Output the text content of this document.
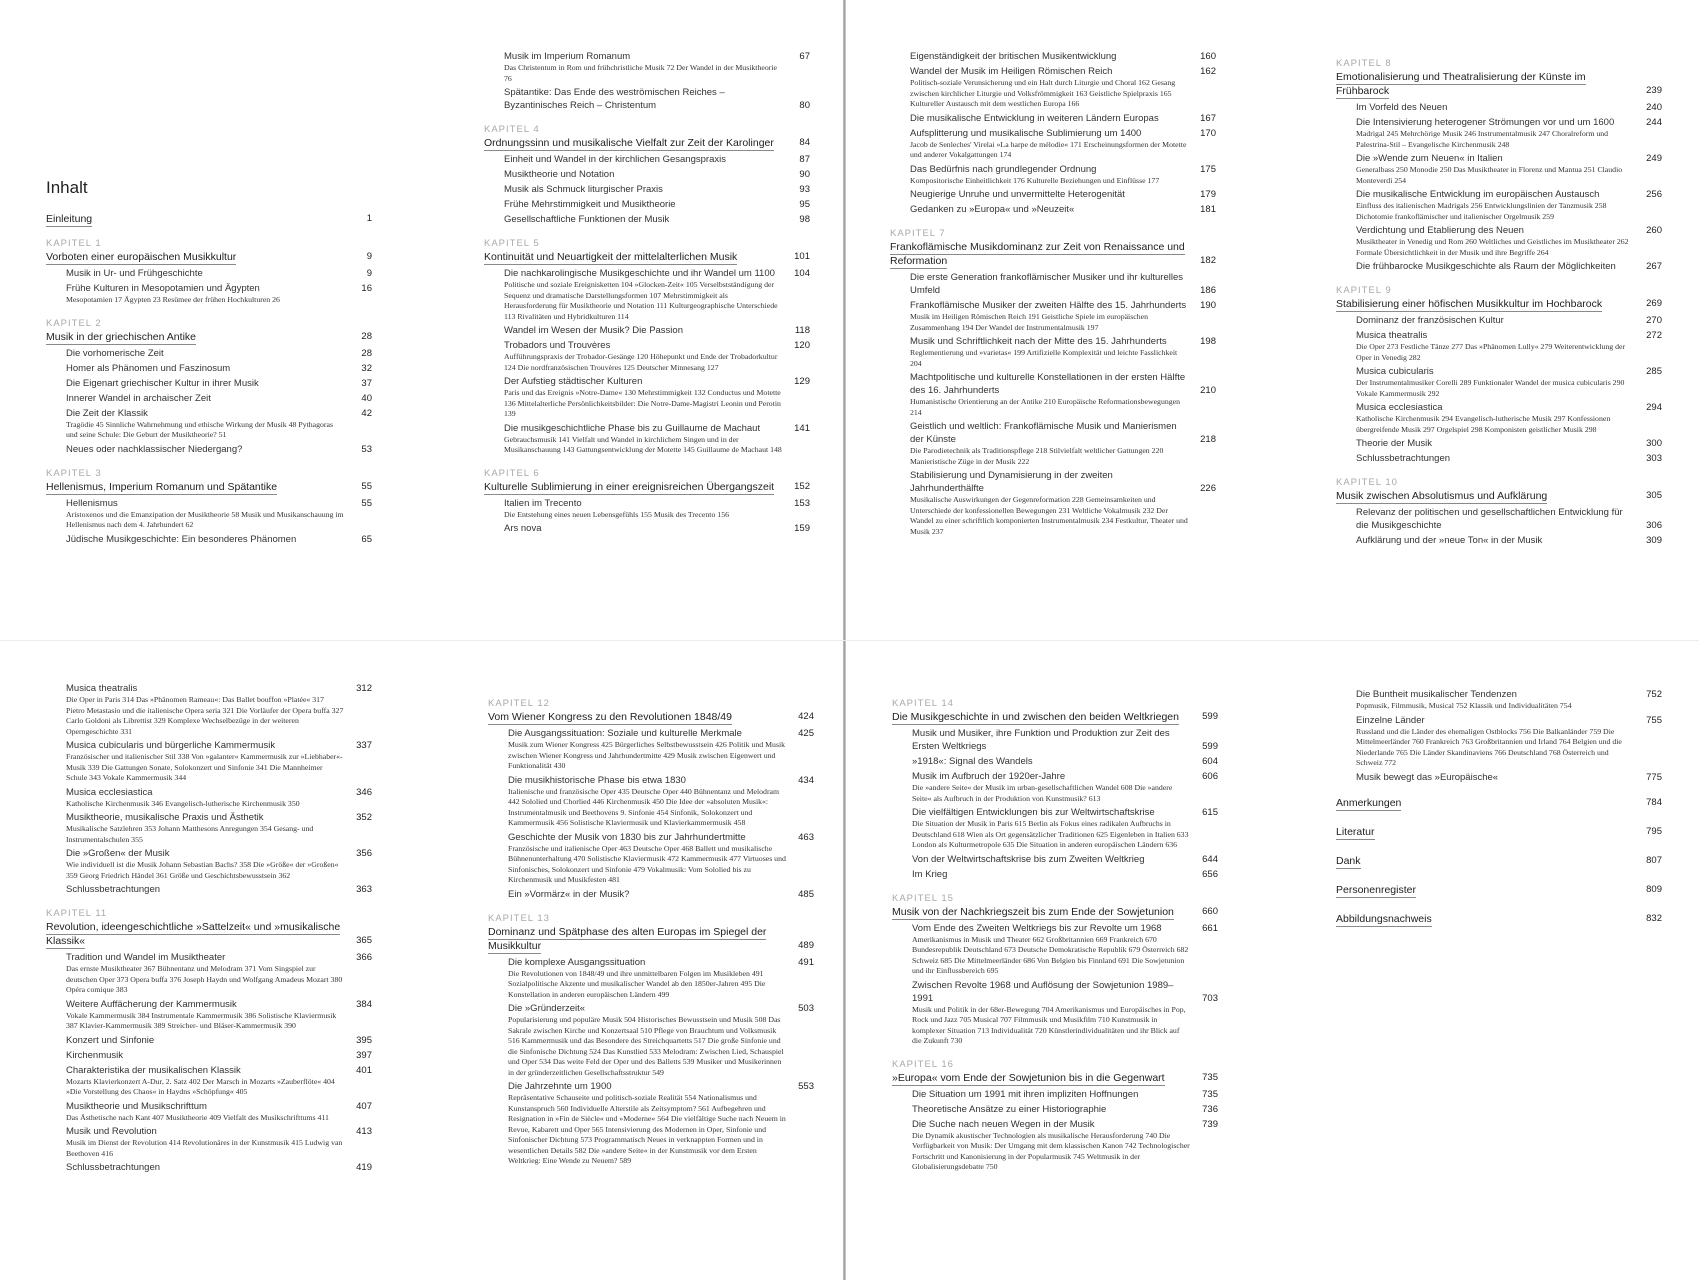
Inhalt
Einleitung	1
KAPITEL 1
Vorboten einer europäischen Musikkultur	9
Musik in Ur- und Frühgeschichte	9
Frühe Kulturen in Mesopotamien und Ägypten	16
Mesopotamien 17 Ägypten 23 Resümee der frühen Hochkulturen 26
KAPITEL 2
Musik in der griechischen Antike	28
Die vorhomerische Zeit	28
Homer als Phänomen und Faszinosum	32
Die Eigenart griechischer Kultur in ihrer Musik	37
Innerer Wandel in archaischer Zeit	40
Die Zeit der Klassik	42
Tragödie 45 Sinnliche Wahrnehmung und ethische Wirkung der Musik 48 Pythagoras und seine Schule: Die Geburt der Musiktheorie? 51
Neues oder nachklassischer Niedergang?	53
KAPITEL 3
Hellenismus, Imperium Romanum und Spätantike	55
Hellenismus	55
Aristoxenos und die Emanzipation der Musiktheorie 58 Musik und Musikanschauung im Hellenismus nach dem 4. Jahrhundert 62
Jüdische Musikgeschichte: Ein besonderes Phänomen	65
Musik im Imperium Romanum	67
Das Christentum in Rom und frühchristliche Musik 72 Der Wandel in der Musiktheorie 76
Spätantike: Das Ende des weströmischen Reiches – Byzantinisches Reich – Christentum	80
KAPITEL 4
Ordnungssinn und musikalische Vielfalt zur Zeit der Karolinger	84
Einheit und Wandel in der kirchlichen Gesangspraxis	87
Musiktheorie und Notation	90
Musik als Schmuck liturgischer Praxis	93
Frühe Mehrstimmigkeit und Musiktheorie	95
Gesellschaftliche Funktionen der Musik	98
KAPITEL 5
Kontinuität und Neuartigkeit der mittelalterlichen Musik	101
Die nachkarolingische Musikgeschichte und ihr Wandel um 1100 104
Politische und soziale Ereignisketten 104 »Glocken-Zeit« 105 Verselbstständigung der Sequenz und dramatische Darstellungsformen 107 Mehrstimmigkeit als Herausforderung für Musiktheorie und Notation 111 Kulturgeographische Unterschiede 113 Rivalitäten und Hybridkulturen 114
Wandel im Wesen der Musik? Die Passion	118
Trobadors und Trouvères	120
Aufführungspraxis der Trobador-Gesänge 120 Höhepunkt und Ende der Trobadorkultur 124 Die nordfranzösischen Trouvères 125 Deutscher Minnesang 127
Der Aufstieg städtischer Kulturen	129
Paris und das Ereignis »Notre-Dame« 130 Mehrstimmigkeit 132 Conductus und Motette 136 Mittelalterliche Persönlichkeitsbilder: Die Notre-Dame-Magistri Leonin und Perotin 139
Die musikgeschichtliche Phase bis zu Guillaume de Machaut	141
Gebrauchsmusik 141 Vielfalt und Wandel in kirchlichem Singen und in der Musikanschauung 143 Gattungsentwicklung der Motette 145 Guillaume de Machaut 148
KAPITEL 6
Kulturelle Sublimierung in einer ereignisreichen Übergangszeit 152
Italien im Trecento	153
Die Entstehung eines neuen Lebensgefühls 155 Musik des Trecento 156
Ars nova	159
Eigenständigkeit der britischen Musikentwicklung	160
Wandel der Musik im Heiligen Römischen Reich	162
Politisch-soziale Verunsicherung und ein Halt durch Liturgie und Choral 162 Gesang zwischen kirchlicher Liturgie und Volksfrömmigkeit 163 Geistliche Spielpraxis 165 Kultureller Austausch mit dem westlichen Europa 166
Die musikalische Entwicklung in weiteren Ländern Europas	167
Aufsplitterung und musikalische Sublimierung um 1400	170
Jacob de Senleches' Virelai »La harpe de mélodie« 171 Erscheinungsformen der Motette und anderer Vokalgattungen 174
Das Bedürfnis nach grundlegender Ordnung	175
Kompositorische Einheitlichkeit 176 Kulturelle Beziehungen und Einflüsse 177
Neugierige Unruhe und unvermittelte Heterogenität	179
Gedanken zu »Europa« und »Neuzeit«	181
KAPITEL 7
Frankoflämische Musikdominanz zur Zeit von Renaissance und Reformation	182
Die erste Generation frankoflämischer Musiker und ihr kulturelles Umfeld	186
Frankoflämische Musiker der zweiten Hälfte des 15. Jahrhunderts 190
Musik im Heiligen Römischen Reich 191 Geistliche Spiele im europäischen Zusammenhang 194 Der Wandel der Instrumentalmusik 197
Musik und Schriftlichkeit nach der Mitte des 15. Jahrhunderts	198
Reglementierung und »varietas« 199 Artifizielle Komplexität und leichte Fasslichkeit 204
Machtpolitische und kulturelle Konstellationen in der ersten Hälfte des 16. Jahrhunderts	210
Humanistische Orientierung an der Antike 210 Europäische Reformationsbewegungen 214
Geistlich und weltlich: Frankoflämische Musik und Manierismen der Künste	218
Die Parodietechnik als Traditionspflege 218 Stilvielfalt weltlicher Gattungen 220 Manieristische Züge in der Musik 222
Stabilisierung und Dynamisierung in der zweiten Jahrhunderthälfte	226
Musikalische Auswirkungen der Gegenreformation 228 Gemeinsamkeiten und Unterschiede der konfessionellen Bewegungen 231 Weltliche Vokalmusik 232 Der Wandel zu einer schriftlich komponierten Instrumentalmusik 234 Festkultur, Theater und Musik 237
KAPITEL 8
Emotionalisierung und Theatralisierung der Künste im Frühbarock	239
Im Vorfeld des Neuen	240
Die Intensivierung heterogener Strömungen vor und um 1600	244
Madrigal 245 Mehrchörige Musik 246 Instrumentalmusik 247 Choralreform und Palestrina-Stil – Evangelische Kirchenmusik 248
Die »Wende zum Neuen« in Italien	249
Generalbass 250 Monodie 250 Das Musiktheater in Florenz und Mantua 251 Claudio Monteverdi 254
Die musikalische Entwicklung im europäischen Austausch	256
Einfluss des italienischen Madrigals 256 Entwicklungslinien der Tanzmusik 258 Dichotomie frankoflämischer und italienischer Orgelmusik 259
Verdichtung und Etablierung des Neuen	260
Musiktheater in Venedig und Rom 260 Weltliches und Geistliches im Musiktheater 262 Formale Übersichtlichkeit in der Musik und ihre Begriffe 264
Die frühbarocke Musikgeschichte als Raum der Möglichkeiten	267
KAPITEL 9
Stabilisierung einer höfischen Musikkultur im Hochbarock	269
Dominanz der französischen Kultur	270
Musica theatralis	272
Die Oper 273 Festliche Tänze 277 Das »Phänomen Lully« 279 Weiterentwicklung der Oper in Venedig 282
Musica cubicularis	285
Der Instrumentalmusiker Corelli 289 Funktionaler Wandel der musica cubicularis 290 Vokale Kammermusik 292
Musica ecclesiastica	294
Katholische Kirchenmusik 294 Evangelisch-lutherische Musik 297 Konfessionen übergreifende Musik 297 Orgelspiel 298 Komponisten geistlicher Musik 298
Theorie der Musik	300
Schlussbetrachtungen	303
KAPITEL 10
Musik zwischen Absolutismus und Aufklärung	305
Relevanz der politischen und gesellschaftlichen Entwicklung für die Musikgeschichte	306
Aufklärung und der »neue Ton« in der Musik	309
Musica theatralis	312
Die Oper in Paris 314 Das »Phänomen Rameau«: Das Ballet bouffon »Platée« 317 Pietro Metastasio und die italienische Opera seria 321 Die Vorläufer der Opera buffa 327 Carlo Goldoni als Librettist 329 Komplexe Wechselbezüge in der weiteren Operngeschichte 331
Musica cubicularis und bürgerliche Kammermusik	337
Französischer und italienischer Stil 338 Von »galanter« Kammermusik zur »Liebhaber«-Musik 339 Die Gattungen Sonate, Solokonzert und Sinfonie 341 Die Mannheimer Schule 343 Vokale Kammermusik 344
Musica ecclesiastica	346
Katholische Kirchenmusik 346 Evangelisch-lutherische Kirchenmusik 350
Musiktheorie, musikalische Praxis und Ästhetik	352
Musikalische Satzlehren 353 Johann Matthesons Anregungen 354 Gesang- und Instrumentalschulen 355
Die »Großen« der Musik	356
Wie individuell ist die Musik Johann Sebastian Bachs? 358 Die »Größe« der »Großen« 359 Georg Friedrich Händel 361 Größe und Geschichtsbewusstsein 362
Schlussbetrachtungen	363
KAPITEL 11
Revolution, ideengeschichtliche »Sattelzeit« und »musikalische Klassik«	365
Tradition und Wandel im Musiktheater	366
Das ernste Musiktheater 367 Bühnentanz und Melodram 371 Vom Singspiel zur deutschen Oper 373 Opera buffa 376 Joseph Haydn und Wolfgang Amadeus Mozart 380 Opéra comique 383
Weitere Auffächerung der Kammermusik	384
Vokale Kammermusik 384 Instrumentale Kammermusik 386 Solistische Klaviermusik 387 Klavier-Kammermusik 389 Streicher- und Bläser-Kammermusik 390
Konzert und Sinfonie	395
Kirchenmusik	397
Charakteristika der musikalischen Klassik	401
Mozarts Klavierkonzert A-Dur, 2. Satz 402 Der Marsch in Mozarts »Zauberflöte« 404 »Die Vorstellung des Chaos« in Haydns »Schöpfung« 405
Musiktheorie und Musikschrifttum	407
Das Ästhetische nach Kant 407 Musiktheorie 409 Vielfalt des Musikschrifttums 411
Musik und Revolution	413
Musik im Dienst der Revolution 414 Revolutionäres in der Kunstmusik 415 Ludwig van Beethoven 416
Schlussbetrachtungen	419
KAPITEL 12
Vom Wiener Kongress zu den Revolutionen 1848/49	424
Die Ausgangssituation: Soziale und kulturelle Merkmale	425
Musik zum Wiener Kongress 425 Bürgerliches Selbstbewusstsein 426 Politik und Musik zwischen Wiener Kongress und Jahrhundertmitte 429 Musik zwischen Eigenwert und Funktionalität 430
Die musikhistorische Phase bis etwa 1830	434
Italienische und französische Oper 435 Deutsche Oper 440 Bühnentanz und Melodram 442 Sololied und Chorlied 446 Kirchenmusik 450 Die Idee der »absoluten Musik«: Instrumentalmusik und Beethovens 9. Sinfonie 454 Sinfonik, Solokonzert und Kammermusik 456 Solistische Klaviermusik und Klavierkammermusik 458
Geschichte der Musik von 1830 bis zur Jahrhundertmitte	463
Französische und italienische Oper 463 Deutsche Oper 468 Ballett und musikalische Bühnenunterhaltung 470 Solistische Klaviermusik 472 Kammermusik 477 Virtuoses und Sinfonisches, Solokonzert und Sinfonie 479 Vokalmusik: Vom Sololied bis zu Kirchenmusik und Musikfesten 481
Ein »Vormärz« in der Musik?	485
KAPITEL 13
Dominanz und Spätphase des alten Europas im Spiegel der Musikkultur	489
Die komplexe Ausgangssituation	491
Die Revolutionen von 1848/49 und ihre unmittelbaren Folgen im Musikleben 491 Sozialpolitische Akzente und musikalischer Wandel ab den 1850er-Jahren 495 Die Konstellation in anderen europäischen Ländern 499
Die »Gründerzeit«	503
Popularisierung und populäre Musik 504 Historisches Bewusstsein und Musik 508 Das Sakrale zwischen Kirche und Konzertsaal 510 Pflege von Brauchtum und Volksmusik 516 Kammermusik und das Besondere des Streichquartetts 517 Die große Sinfonie und die Sinfonische Dichtung 524 Das Kunstlied 533 Melodram: Zwischen Lied, Schauspiel und Oper 534 Das weite Feld der Oper und des Balletts 539 Musiker und Musikerinnen in der gründerzeitlichen Gesellschaftsstruktur 549
Die Jahrzehnte um 1900	553
Repräsentative Schauseite und politisch-soziale Realität 554 Nationalismus und Kunstanspruch 560 Individuelle Alterstile als Zeitsymptom? 561 Aufbegehren und Resignation in »Fin de Siècle« und »Moderne« 564 Die vielfältige Suche nach Neuem in Revue, Kabarett und Oper 565 Intensivierung des Modernen in Oper, Sinfonie und Sinfonischer Dichtung 573 Programmatisch Neues in verknappten Formen und in wesentlichen Details 582 Die »andere Seite« in der Kunstmusik vor dem Ersten Weltkrieg: Eine Wende zu Neuem? 589
KAPITEL 14
Die Musikgeschichte in und zwischen den beiden Weltkriegen 599
Musik und Musiker, ihre Funktion und Produktion zur Zeit des Ersten Weltkriegs	599
»1918«: Signal des Wandels	604
Musik im Aufbruch der 1920er-Jahre	606
Die »andere Seite« der Musik im urban-gesellschaftlichen Wandel 608 Die »andere Seite« als Aufbruch in der Produktion von Kunstmusik? 613
Die vielfältigen Entwicklungen bis zur Weltwirtschaftskrise	615
Die Situation der Musik in Paris 615 Berlin als Fokus eines radikalen Aufbruchs in Deutschland 618 Wien als Ort gegensätzlicher Traditionen 625 Eigenleben in Italien 633 London als Kulturmetropole 635 Die Situation in anderen europäischen Ländern 636
Von der Weltwirtschaftskrise bis zum Zweiten Weltkrieg	644
Im Krieg	656
KAPITEL 15
Musik von der Nachkriegszeit bis zum Ende der Sowjetunion	660
Vom Ende des Zweiten Weltkriegs bis zur Revolte um 1968	661
Amerikanismus in Musik und Theater 662 Großbritannien 669 Frankreich 670 Bundesrepublik Deutschland 673 Deutsche Demokratische Republik 679 Österreich 682 Schweiz 685 Die Mittelmeerländer 686 Von Belgien bis Finnland 691 Die Sowjetunion und ihr Einflussbereich 695
Zwischen Revolte 1968 und Auflösung der Sowjetunion 1989–1991	703
Musik und Politik in der 68er-Bewegung 704 Amerikanismus und Europäisches in Pop, Rock und Jazz 705 Musical 707 Filmmusik und Musikfilm 710 Kunstmusik in komplexer Situation 713 Individualität 720 Künstlerindividualitäten und ihr Blick auf die Zukunft 730
KAPITEL 16
»Europa« vom Ende der Sowjetunion bis in die Gegenwart	735
Die Situation um 1991 mit ihren impliziten Hoffnungen	735
Theoretische Ansätze zu einer Historiographie	736
Die Suche nach neuen Wegen in der Musik	739
Die Dynamik akustischer Technologien als musikalische Herausforderung 740 Die Verfügbarkeit von Musik: Der Umgang mit dem klassischen Kanon 742 Technologischer Fortschritt und Kanonisierung in der Popularmusik 745 Weltmusik in der Globalisierungsdebatte 750
Die Buntheit musikalischer Tendenzen	752
Popmusik, Filmmusik, Musical 752 Klassik und Individualitäten 754
Einzelne Länder	755
Russland und die Länder des ehemaligen Ostblocks 756 Die Balkanländer 759 Die Mittelmeerländer 760 Frankreich 763 Großbritannien und Irland 764 Belgien und die Niederlande 765 Die Länder Skandinaviens 766 Deutschland 768 Österreich und Schweiz 772
Musik bewegt das »Europäische«	775
Anmerkungen	784
Literatur	795
Dank	807
Personenregister	809
Abbildungsnachweis	832
